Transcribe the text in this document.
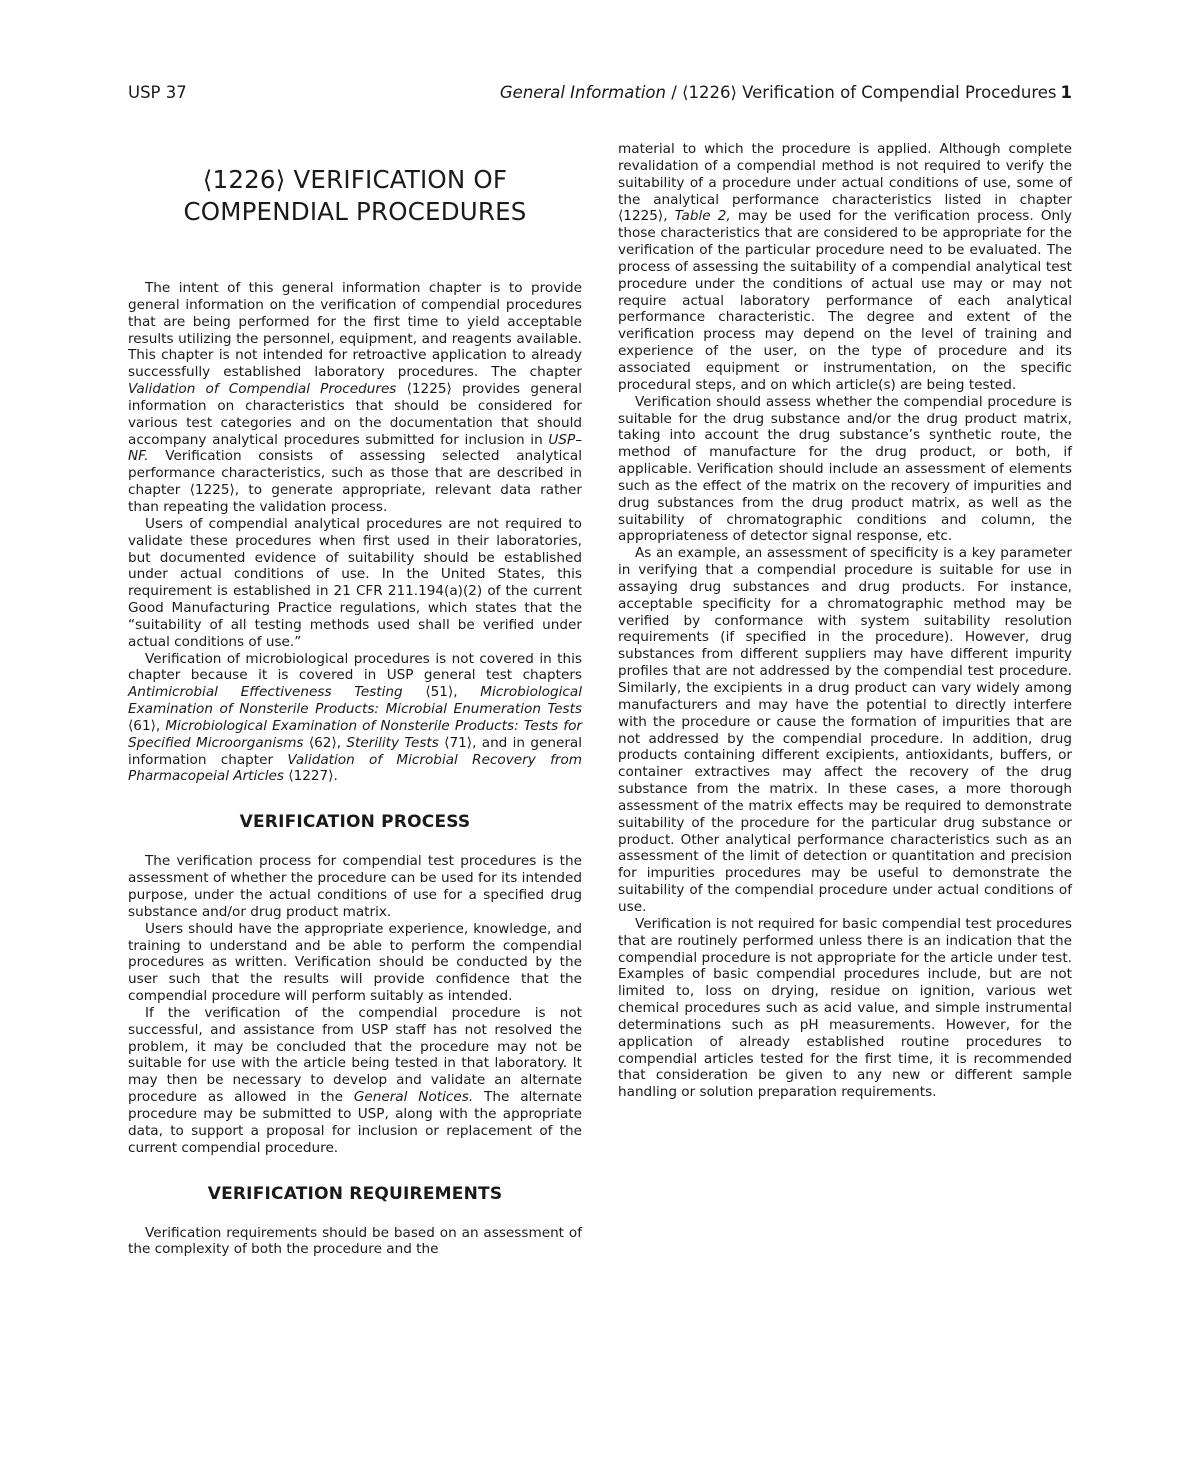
USP 37	General Information / ⟨1226⟩ Verification of Compendial Procedures 1
⟨1226⟩ VERIFICATION OF
COMPENDIAL PROCEDURES

The intent of this general information chapter is to provide general information on the verification of compendial procedures that are being performed for the first time to yield acceptable results utilizing the personnel, equipment, and reagents available. This chapter is not intended for retroactive application to already successfully established laboratory procedures. The chapter Validation of Compendial Procedures ⟨1225⟩ provides general information on characteristics that should be considered for various test categories and on the documentation that should accompany analytical procedures submitted for inclusion in USP–NF. Verification consists of assessing selected analytical performance characteristics, such as those that are described in chapter ⟨1225⟩, to generate appropriate, relevant data rather than repeating the validation process.

Users of compendial analytical procedures are not required to validate these procedures when first used in their laboratories, but documented evidence of suitability should be established under actual conditions of use. In the United States, this requirement is established in 21 CFR 211.194(a)(2) of the current Good Manufacturing Practice regulations, which states that the “suitability of all testing methods used shall be verified under actual conditions of use.”

Verification of microbiological procedures is not covered in this chapter because it is covered in USP general test chapters Antimicrobial Effectiveness Testing ⟨51⟩, Microbiological Examination of Nonsterile Products: Microbial Enumeration Tests ⟨61⟩, Microbiological Examination of Nonsterile Products: Tests for Specified Microorganisms ⟨62⟩, Sterility Tests ⟨71⟩, and in general information chapter Validation of Microbial Recovery from Pharmacopeial Articles ⟨1227⟩.

VERIFICATION PROCESS

The verification process for compendial test procedures is the assessment of whether the procedure can be used for its intended purpose, under the actual conditions of use for a specified drug substance and/or drug product matrix.

Users should have the appropriate experience, knowledge, and training to understand and be able to perform the compendial procedures as written. Verification should be conducted by the user such that the results will provide confidence that the compendial procedure will perform suitably as intended.

If the verification of the compendial procedure is not successful, and assistance from USP staff has not resolved the problem, it may be concluded that the procedure may not be suitable for use with the article being tested in that laboratory. It may then be necessary to develop and validate an alternate procedure as allowed in the General Notices. The alternate procedure may be submitted to USP, along with the appropriate data, to support a proposal for inclusion or replacement of the current compendial procedure.

VERIFICATION REQUIREMENTS

Verification requirements should be based on an assessment of the complexity of both the procedure and the

material to which the procedure is applied. Although complete revalidation of a compendial method is not required to verify the suitability of a procedure under actual conditions of use, some of the analytical performance characteristics listed in chapter ⟨1225⟩, Table 2, may be used for the verification process. Only those characteristics that are considered to be appropriate for the verification of the particular procedure need to be evaluated. The process of assessing the suitability of a compendial analytical test procedure under the conditions of actual use may or may not require actual laboratory performance of each analytical performance characteristic. The degree and extent of the verification process may depend on the level of training and experience of the user, on the type of procedure and its associated equipment or instrumentation, on the specific procedural steps, and on which article(s) are being tested.

Verification should assess whether the compendial procedure is suitable for the drug substance and/or the drug product matrix, taking into account the drug substance’s synthetic route, the method of manufacture for the drug product, or both, if applicable. Verification should include an assessment of elements such as the effect of the matrix on the recovery of impurities and drug substances from the drug product matrix, as well as the suitability of chromatographic conditions and column, the appropriateness of detector signal response, etc.

As an example, an assessment of specificity is a key parameter in verifying that a compendial procedure is suitable for use in assaying drug substances and drug products. For instance, acceptable specificity for a chromatographic method may be verified by conformance with system suitability resolution requirements (if specified in the procedure). However, drug substances from different suppliers may have different impurity profiles that are not addressed by the compendial test procedure. Similarly, the excipients in a drug product can vary widely among manufacturers and may have the potential to directly interfere with the procedure or cause the formation of impurities that are not addressed by the compendial procedure. In addition, drug products containing different excipients, antioxidants, buffers, or container extractives may affect the recovery of the drug substance from the matrix. In these cases, a more thorough assessment of the matrix effects may be required to demonstrate suitability of the procedure for the particular drug substance or product. Other analytical performance characteristics such as an assessment of the limit of detection or quantitation and precision for impurities procedures may be useful to demonstrate the suitability of the compendial procedure under actual conditions of use.

Verification is not required for basic compendial test procedures that are routinely performed unless there is an indication that the compendial procedure is not appropriate for the article under test. Examples of basic compendial procedures include, but are not limited to, loss on drying, residue on ignition, various wet chemical procedures such as acid value, and simple instrumental determinations such as pH measurements. However, for the application of already established routine procedures to compendial articles tested for the first time, it is recommended that consideration be given to any new or different sample handling or solution preparation requirements.
